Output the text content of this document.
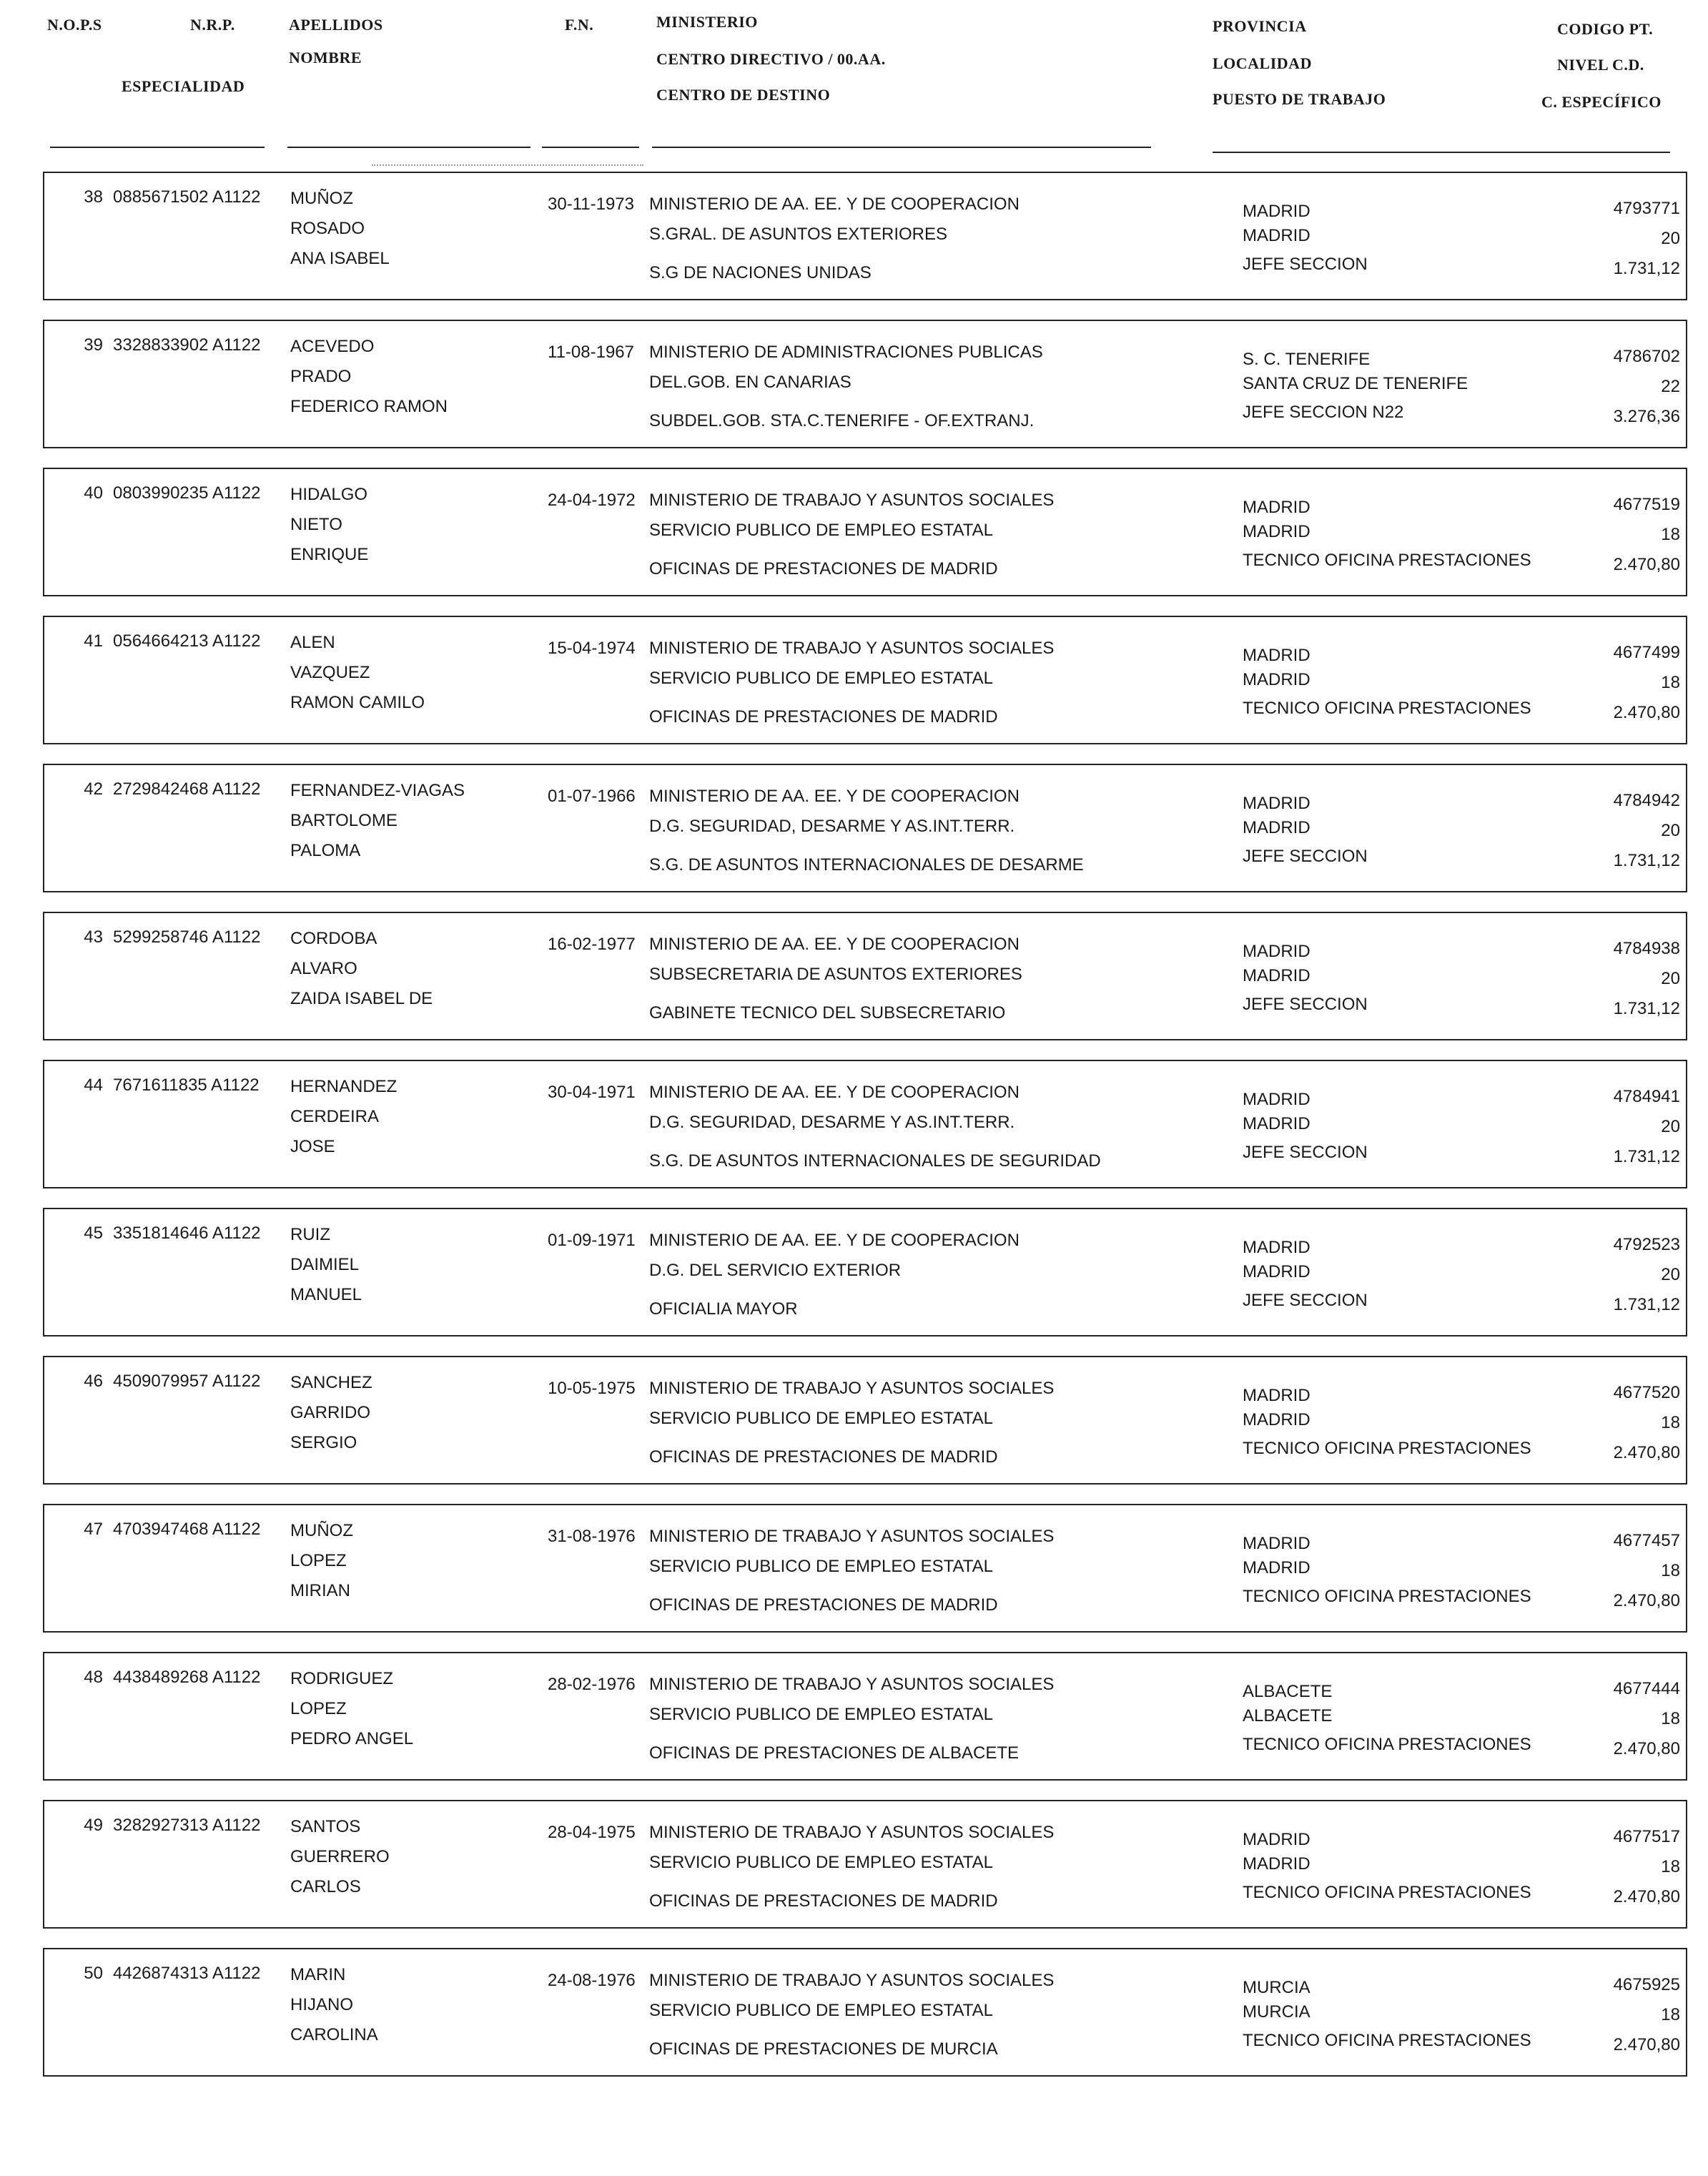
N.O.P.S	N.R.P.
ESPECIALIDAD
APELLIDOS
NOMBRE
F.N.	MINISTERIO
CENTRO DIRECTIVO / 00.AA.
CENTRO DE DESTINO
PROVINCIA
LOCALIDAD
PUESTO DE TRABAJO
CODIGO PT.
NIVEL C.D.
C. ESPECÍFICO
38 0885671502 A1122 MUÑOZ
ROSADO
ANA ISABEL
30-11-1973 MINISTERIO DE AA. EE. Y DE COOPERACION
S.GRAL. DE ASUNTOS EXTERIORES
S.G DE NACIONES UNIDAS
MADRID
MADRID
JEFE SECCION
4793771
20
1.731,12
39 3328833902 A1122 ACEVEDO
PRADO
FEDERICO RAMON
11-08-1967 MINISTERIO DE ADMINISTRACIONES PUBLICAS
DEL.GOB. EN CANARIAS
SUBDEL.GOB. STA.C.TENERIFE - OF.EXTRANJ.
S. C. TENERIFE
SANTA CRUZ DE TENERIFE
JEFE SECCION N22
4786702
22
3.276,36
40 0803990235 A1122 HIDALGO
NIETO
ENRIQUE
24-04-1972 MINISTERIO DE TRABAJO Y ASUNTOS SOCIALES
SERVICIO PUBLICO DE EMPLEO ESTATAL
OFICINAS DE PRESTACIONES DE MADRID
MADRID
MADRID
TECNICO OFICINA PRESTACIONES
4677519
18
2.470,80
41 0564664213 A1122 ALEN
VAZQUEZ
RAMON CAMILO
15-04-1974 MINISTERIO DE TRABAJO Y ASUNTOS SOCIALES
SERVICIO PUBLICO DE EMPLEO ESTATAL
OFICINAS DE PRESTACIONES DE MADRID
MADRID
MADRID
TECNICO OFICINA PRESTACIONES
4677499
18
2.470,80
42 2729842468 A1122 FERNANDEZ-VIAGAS
BARTOLOME
PALOMA
01-07-1966 MINISTERIO DE AA. EE. Y DE COOPERACION
D.G. SEGURIDAD, DESARME Y AS.INT.TERR.
S.G. DE ASUNTOS INTERNACIONALES DE DESARME
MADRID
MADRID
JEFE SECCION
4784942
20
1.731,12
43 5299258746 A1122 CORDOBA
ALVARO
ZAIDA ISABEL DE
16-02-1977 MINISTERIO DE AA. EE. Y DE COOPERACION
SUBSECRETARIA DE ASUNTOS EXTERIORES
GABINETE TECNICO DEL SUBSECRETARIO
MADRID
MADRID
JEFE SECCION
4784938
20
1.731,12
44 7671611835 A1122 HERNANDEZ
CERDEIRA
JOSE
30-04-1971 MINISTERIO DE AA. EE. Y DE COOPERACION
D.G. SEGURIDAD, DESARME Y AS.INT.TERR.
S.G. DE ASUNTOS INTERNACIONALES DE SEGURIDAD
MADRID
MADRID
JEFE SECCION
4784941
20
1.731,12
45 3351814646 A1122 RUIZ
DAIMIEL
MANUEL
01-09-1971 MINISTERIO DE AA. EE. Y DE COOPERACION
D.G. DEL SERVICIO EXTERIOR
OFICIALIA MAYOR
MADRID
MADRID
JEFE SECCION
4792523
20
1.731,12
46 4509079957 A1122 SANCHEZ
GARRIDO
SERGIO
10-05-1975 MINISTERIO DE TRABAJO Y ASUNTOS SOCIALES
SERVICIO PUBLICO DE EMPLEO ESTATAL
OFICINAS DE PRESTACIONES DE MADRID
MADRID
MADRID
TECNICO OFICINA PRESTACIONES
4677520
18
2.470,80
47 4703947468 A1122 MUÑOZ
LOPEZ
MIRIAN
31-08-1976 MINISTERIO DE TRABAJO Y ASUNTOS SOCIALES
SERVICIO PUBLICO DE EMPLEO ESTATAL
OFICINAS DE PRESTACIONES DE MADRID
MADRID
MADRID
TECNICO OFICINA PRESTACIONES
4677457
18
2.470,80
48 4438489268 A1122 RODRIGUEZ
LOPEZ
PEDRO ANGEL
28-02-1976 MINISTERIO DE TRABAJO Y ASUNTOS SOCIALES
SERVICIO PUBLICO DE EMPLEO ESTATAL
OFICINAS DE PRESTACIONES DE ALBACETE
ALBACETE
ALBACETE
TECNICO OFICINA PRESTACIONES
4677444
18
2.470,80
49 3282927313 A1122 SANTOS
GUERRERO
CARLOS
28-04-1975 MINISTERIO DE TRABAJO Y ASUNTOS SOCIALES
SERVICIO PUBLICO DE EMPLEO ESTATAL
OFICINAS DE PRESTACIONES DE MADRID
MADRID
MADRID
TECNICO OFICINA PRESTACIONES
4677517
18
2.470,80
50 4426874313 A1122 MARIN
HIJANO
CAROLINA
24-08-1976 MINISTERIO DE TRABAJO Y ASUNTOS SOCIALES
SERVICIO PUBLICO DE EMPLEO ESTATAL
OFICINAS DE PRESTACIONES DE MURCIA
MURCIA
MURCIA
TECNICO OFICINA PRESTACIONES
4675925
18
2.470,80
